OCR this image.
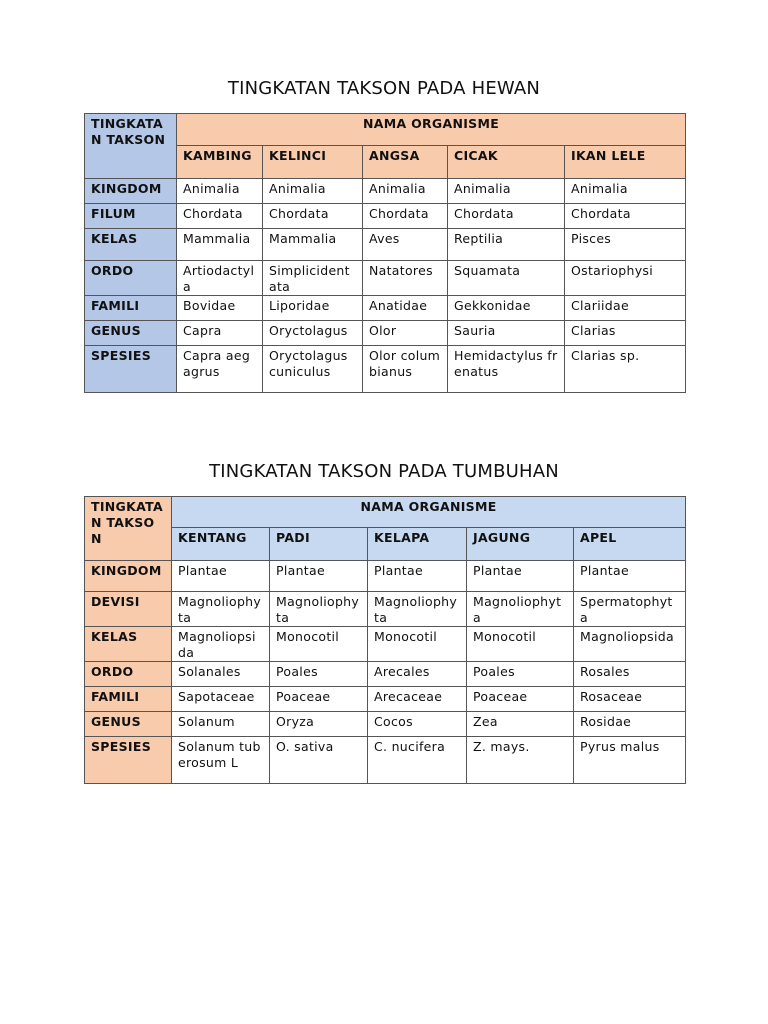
TINGKATAN TAKSON PADA HEWAN
TINGKATAN TAKSON	NAMA ORGANISME				
	KAMBING	KELINCI	ANGSA	CICAK	IKAN LELE
KINGDOM	Animalia	Animalia	Animalia	Animalia	Animalia
FILUM	Chordata	Chordata	Chordata	Chordata	Chordata
KELAS	Mammalia	Mammalia	Aves	Reptilia	Pisces
ORDO	Artiodactyla	Simplicidentata	Natatores	Squamata	Ostariophysi
FAMILI	Bovidae	Liporidae	Anatidae	Gekkonidae	Clariidae
GENUS	Capra	Oryctolagus	Olor	Sauria	Clarias
SPESIES	Capra aegagrus	Oryctolagus cuniculus	Olor columbianus	Hemidactylus frenatus	Clarias sp.
TINGKATAN TAKSON PADA TUMBUHAN
TINGKATAN TAKSON	NAMA ORGANISME				
	KENTANG	PADI	KELAPA	JAGUNG	APEL
KINGDOM	Plantae	Plantae	Plantae	Plantae	Plantae
DEVISI	Magnoliophyta	Magnoliophyta	Magnoliophyta	Magnoliophyta	Spermatophyta
KELAS	Magnoliopsida	Monocotil	Monocotil	Monocotil	Magnoliopsida
ORDO	Solanales	Poales	Arecales	Poales	Rosales
FAMILI	Sapotaceae	Poaceae	Arecaceae	Poaceae	Rosaceae
GENUS	Solanum	Oryza	Cocos	Zea	Rosidae
SPESIES	Solanum tuberosum L	O. sativa	C. nucifera	Z. mays.	Pyrus malus
